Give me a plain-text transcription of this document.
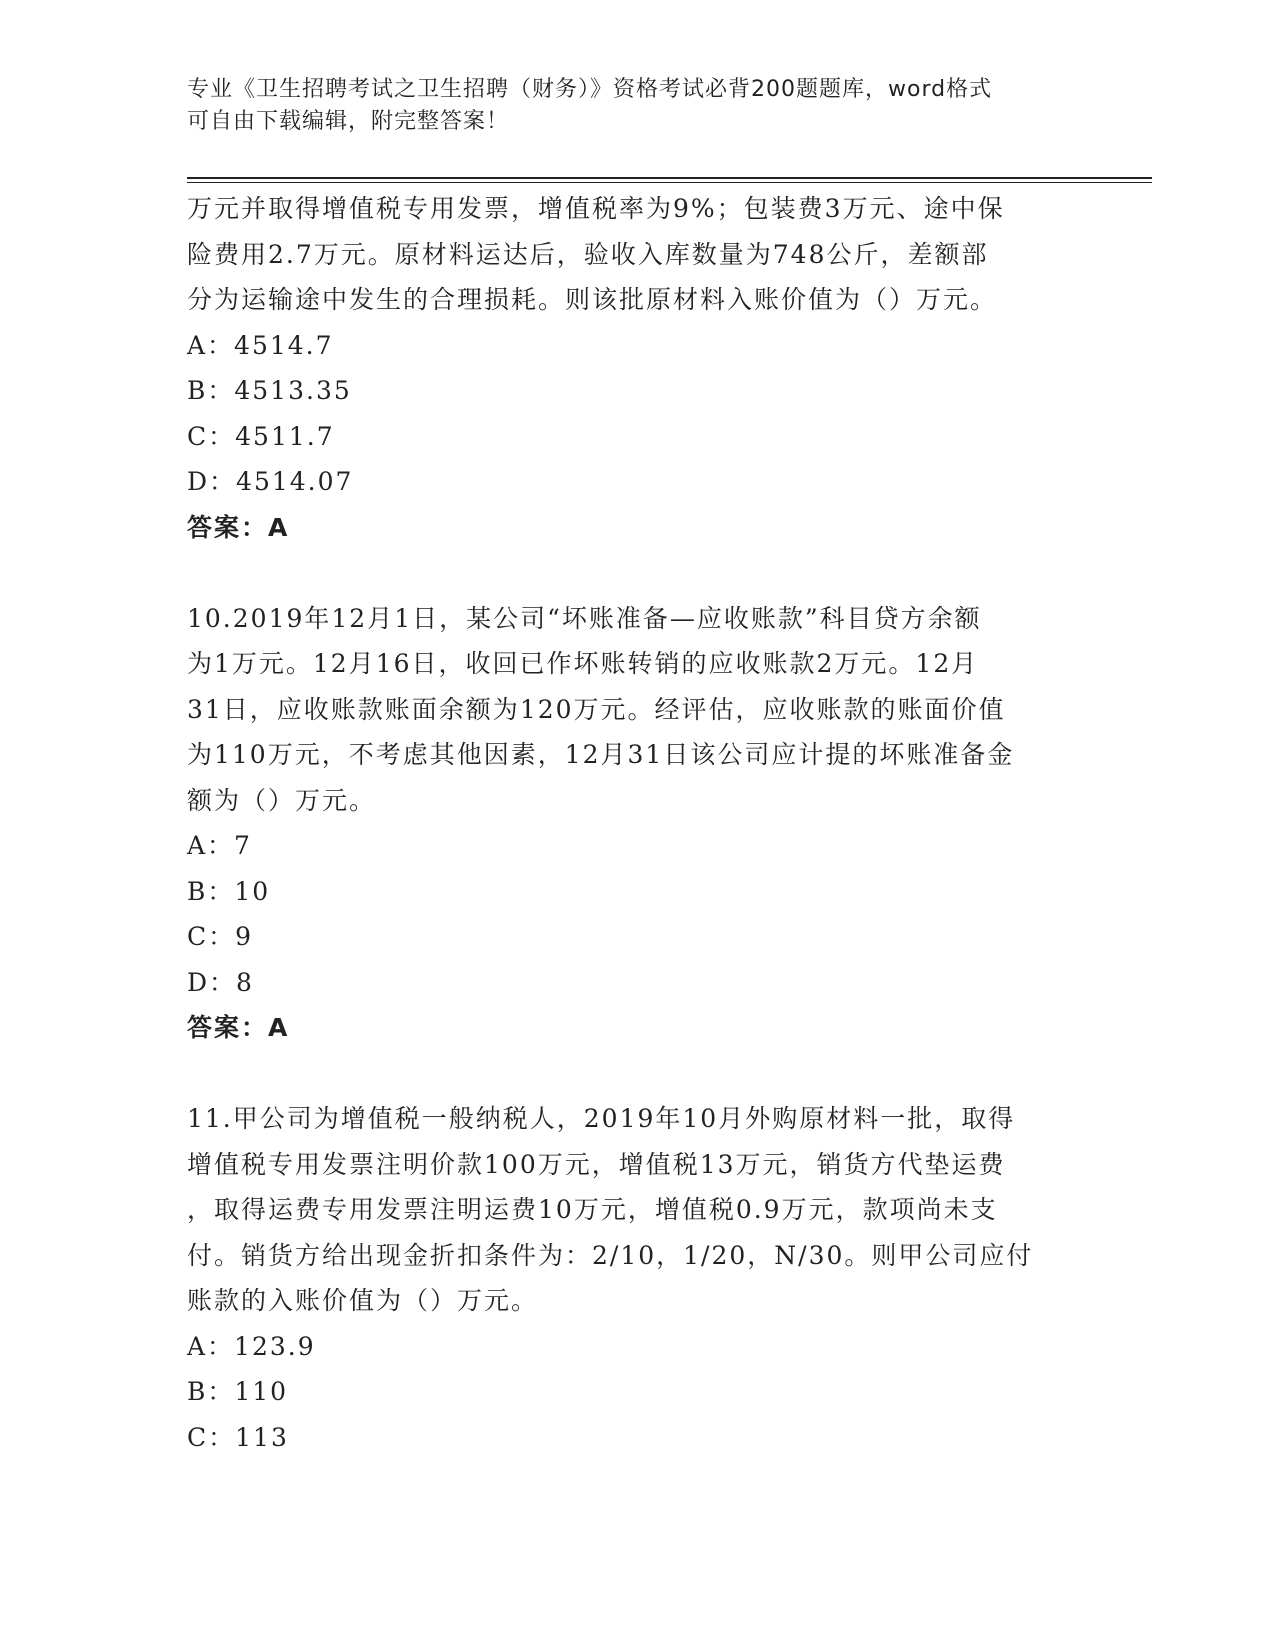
专业《卫生招聘考试之卫生招聘（财务）》资格考试必背200题题库，word格式
可自由下载编辑，附完整答案！

万元并取得增值税专用发票，增值税率为9%；包装费3万元、途中保

险费用2.7万元。原材料运达后，验收入库数量为748公斤，差额部

分为运输途中发生的合理损耗。则该批原材料入账价值为（）万元。

A：4514.7

B：4513.35

C：4511.7

D：4514.07

答案：A

10.2019年12月1日，某公司“坏账准备—应收账款”科目贷方余额

为1万元。12月16日，收回已作坏账转销的应收账款2万元。12月

31日，应收账款账面余额为120万元。经评估，应收账款的账面价值

为110万元，不考虑其他因素，12月31日该公司应计提的坏账准备金

额为（）万元。

A：7

B：10

C：9

D：8

答案：A

11.甲公司为增值税一般纳税人，2019年10月外购原材料一批，取得

增值税专用发票注明价款100万元，增值税13万元，销货方代垫运费

，取得运费专用发票注明运费10万元，增值税0.9万元，款项尚未支

付。销货方给出现金折扣条件为：2/10，1/20，N/30。则甲公司应付

账款的入账价值为（）万元。

A：123.9

B：110

C：113
